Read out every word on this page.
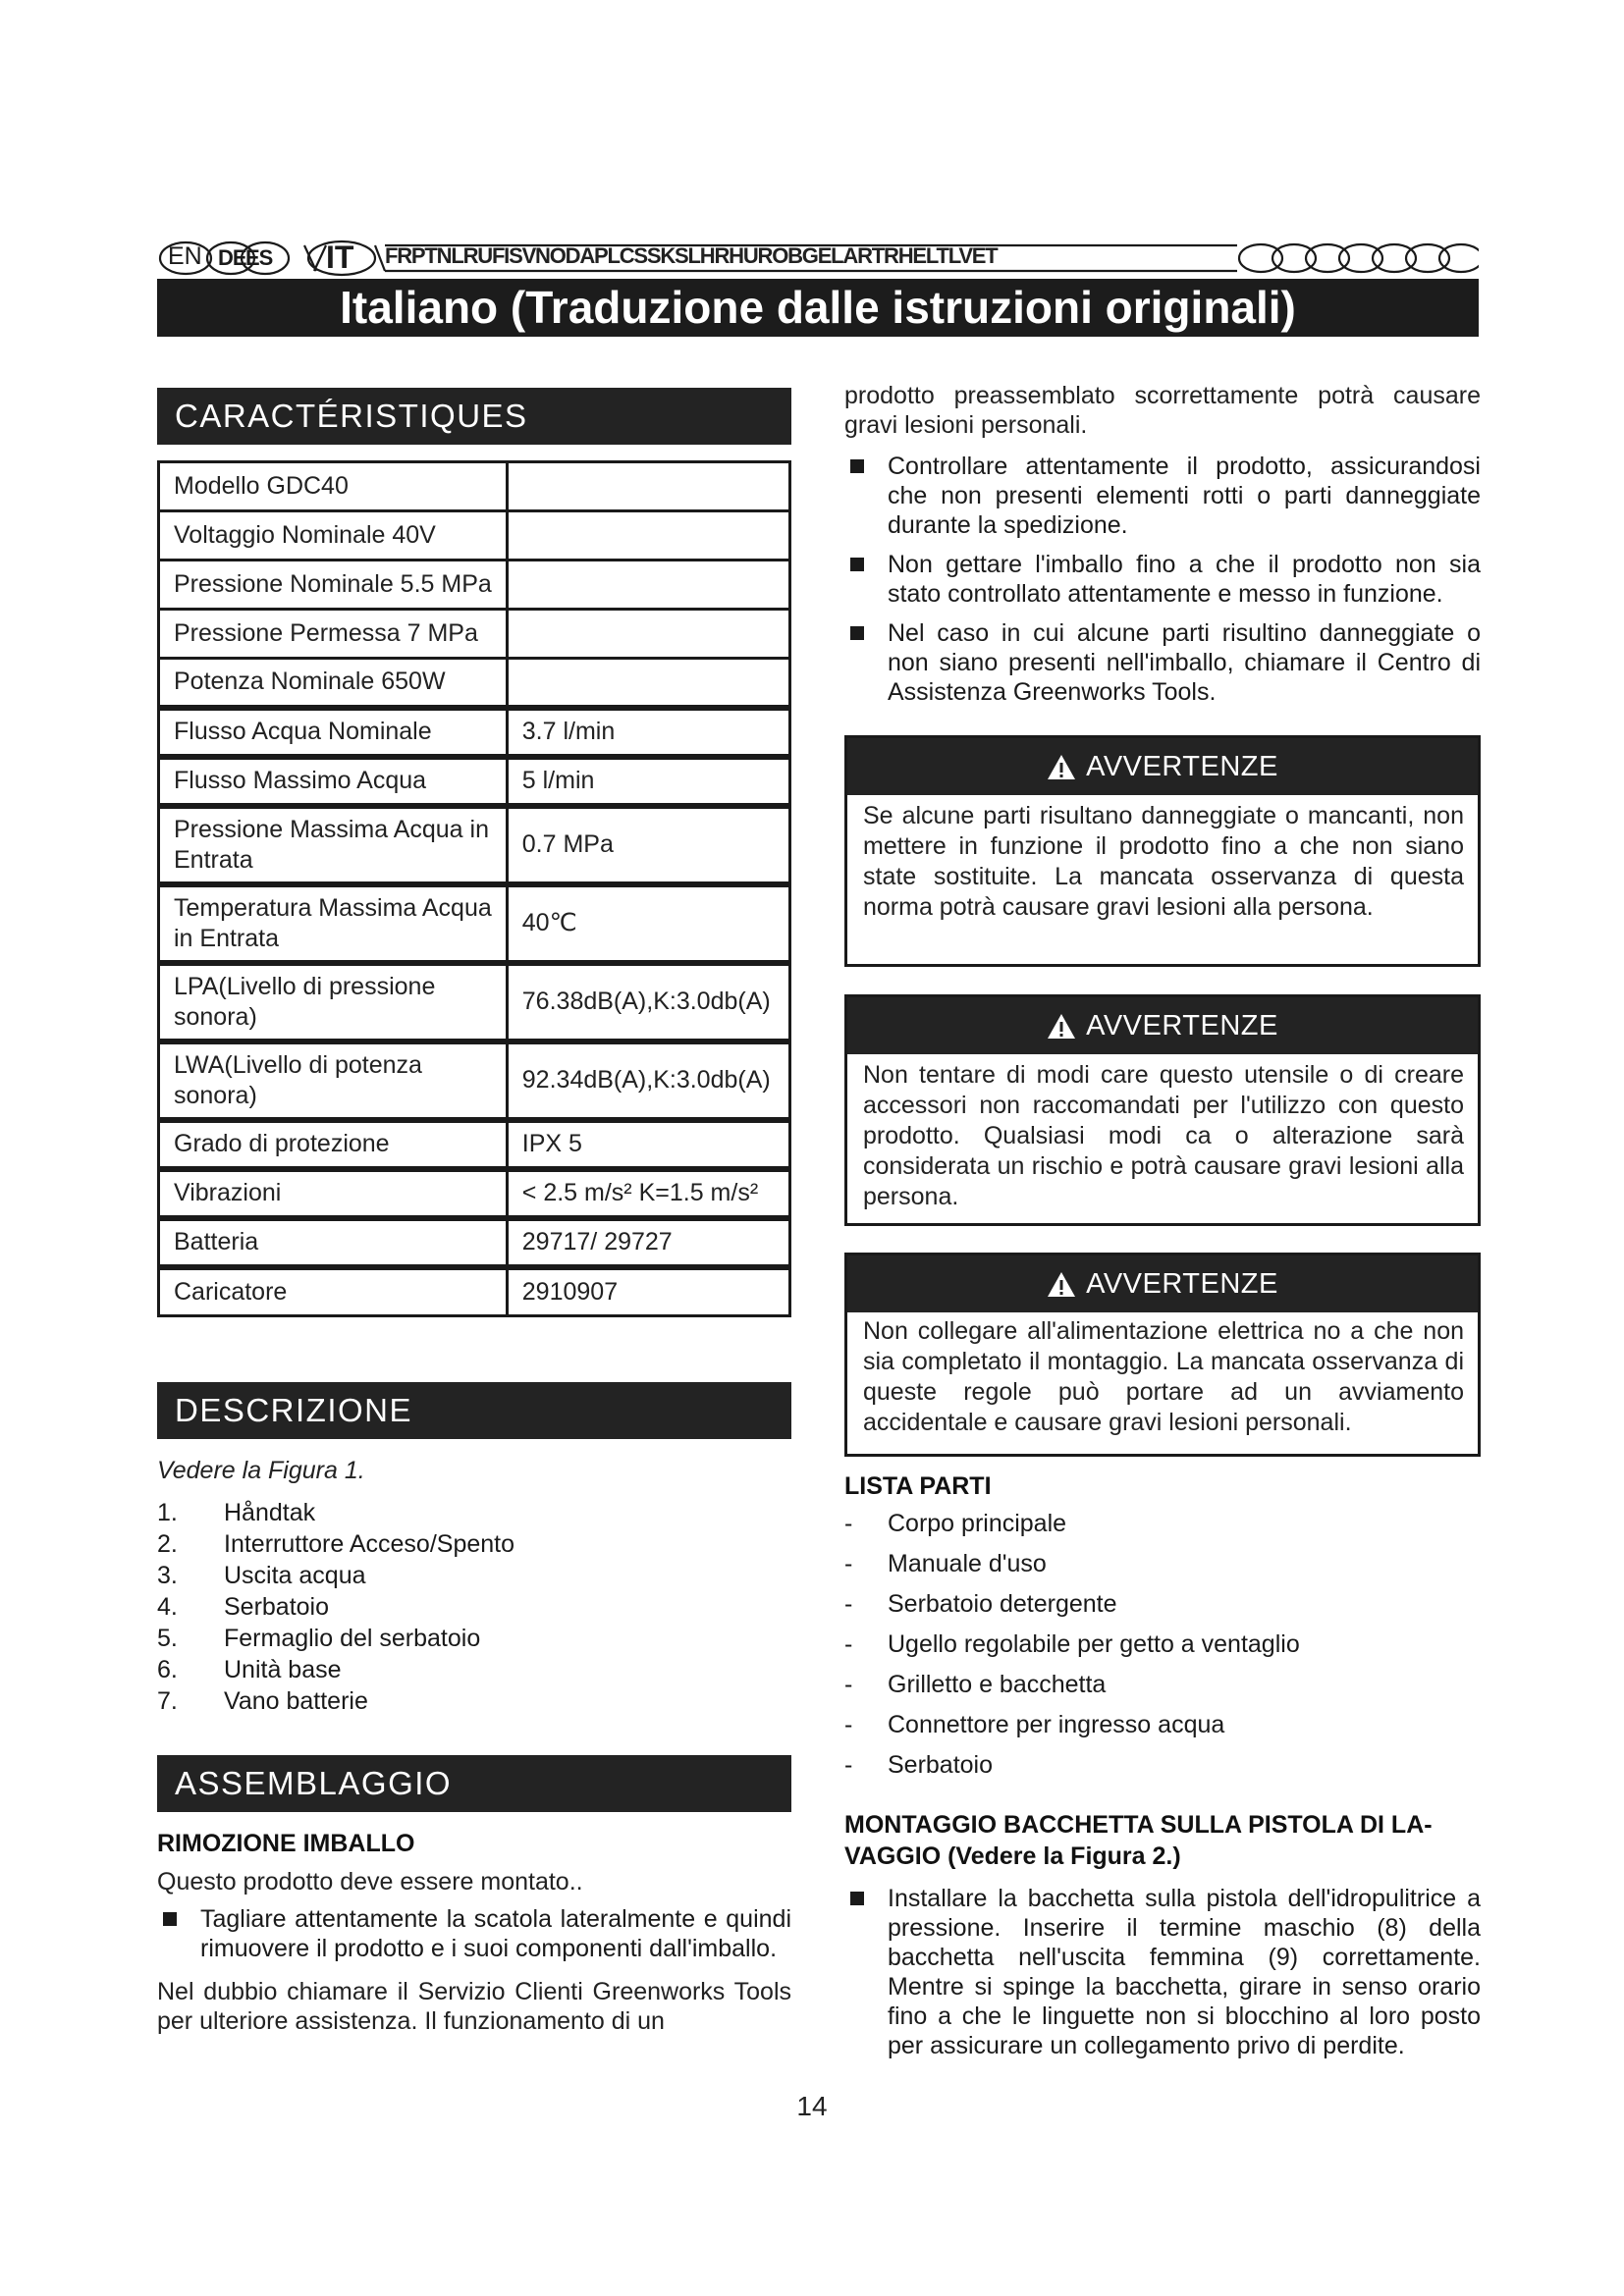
EN DE ES IT FRPTNLRUFISVNODAPLCSSKSLHRHUROBGELARTRHELTLVET
Italiano (Traduzione dalle istruzioni originali)
CARACTÉRISTIQUES
Modello GDC40	
Voltaggio Nominale 40V	
Pressione Nominale 5.5 MPa	
Pressione Permessa 7 MPa	
Potenza Nominale 650W	
Flusso Acqua Nominale	3.7 l/min
Flusso Massimo Acqua	5 l/min
Pressione Massima Acqua in Entrata	0.7 MPa
Temperatura Massima Acqua in Entrata	40℃
LPA(Livello di pressione sonora)	76.38dB(A),K:3.0db(A)
LWA(Livello di potenza sonora)	92.34dB(A),K:3.0db(A)
Grado di protezione	IPX 5
Vibrazioni	< 2.5 m/s² K=1.5 m/s²
Batteria	29717/ 29727
Caricatore	2910907
DESCRIZIONE
Vedere la Figura 1.
1.	Håndtak
2.	Interruttore Acceso/Spento
3.	Uscita acqua
4.	Serbatoio
5.	Fermaglio del serbatoio
6.	Unità base
7.	Vano batterie
ASSEMBLAGGIO
RIMOZIONE IMBALLO
Questo prodotto deve essere montato..
Tagliare attentamente la scatola lateralmente e quindi rimuovere il prodotto e i suoi componenti dall'imballo.
Nel dubbio chiamare il Servizio Clienti Greenworks Tools per ulteriore assistenza. Il funzionamento di un
prodotto preassemblato scorrettamente potrà causare gravi lesioni personali.
Controllare attentamente il prodotto, assicurandosi che non presenti elementi rotti o parti danneggiate durante la spedizione.
Non gettare l'imballo fino a che il prodotto non sia stato controllato attentamente e messo in funzione.
Nel caso in cui alcune parti risultino danneggiate o non siano presenti nell'imballo, chiamare il Centro di Assistenza Greenworks Tools.
AVVERTENZE
Se alcune parti risultano danneggiate o mancanti, non mettere in funzione il prodotto fino a che non siano state sostituite. La mancata osservanza di questa norma potrà causare gravi lesioni alla persona.
AVVERTENZE
Non tentare di modi care questo utensile o di creare accessori non raccomandati per l'utilizzo con questo prodotto. Qualsiasi modi ca o alterazione sarà considerata un rischio e potrà causare gravi lesioni alla persona.
AVVERTENZE
Non collegare all'alimentazione elettrica no a che non sia completato il montaggio. La mancata osservanza di queste regole può portare ad un avviamento accidentale e causare gravi lesioni personali.
LISTA PARTI
-	Corpo principale
-	Manuale d'uso
-	Serbatoio detergente
-	Ugello regolabile per getto a ventaglio
-	Grilletto e bacchetta
-	Connettore per ingresso acqua
-	Serbatoio
MONTAGGIO BACCHETTA SULLA PISTOLA DI LA-VAGGIO (Vedere la Figura 2.)
Installare la bacchetta sulla pistola dell'idropulitrice a pressione. Inserire il termine maschio (8) della bacchetta nell'uscita femmina (9) correttamente. Mentre si spinge la bacchetta, girare in senso orario fino a che le linguette non si blocchino al loro posto per assicurare un collegamento privo di perdite.
14
